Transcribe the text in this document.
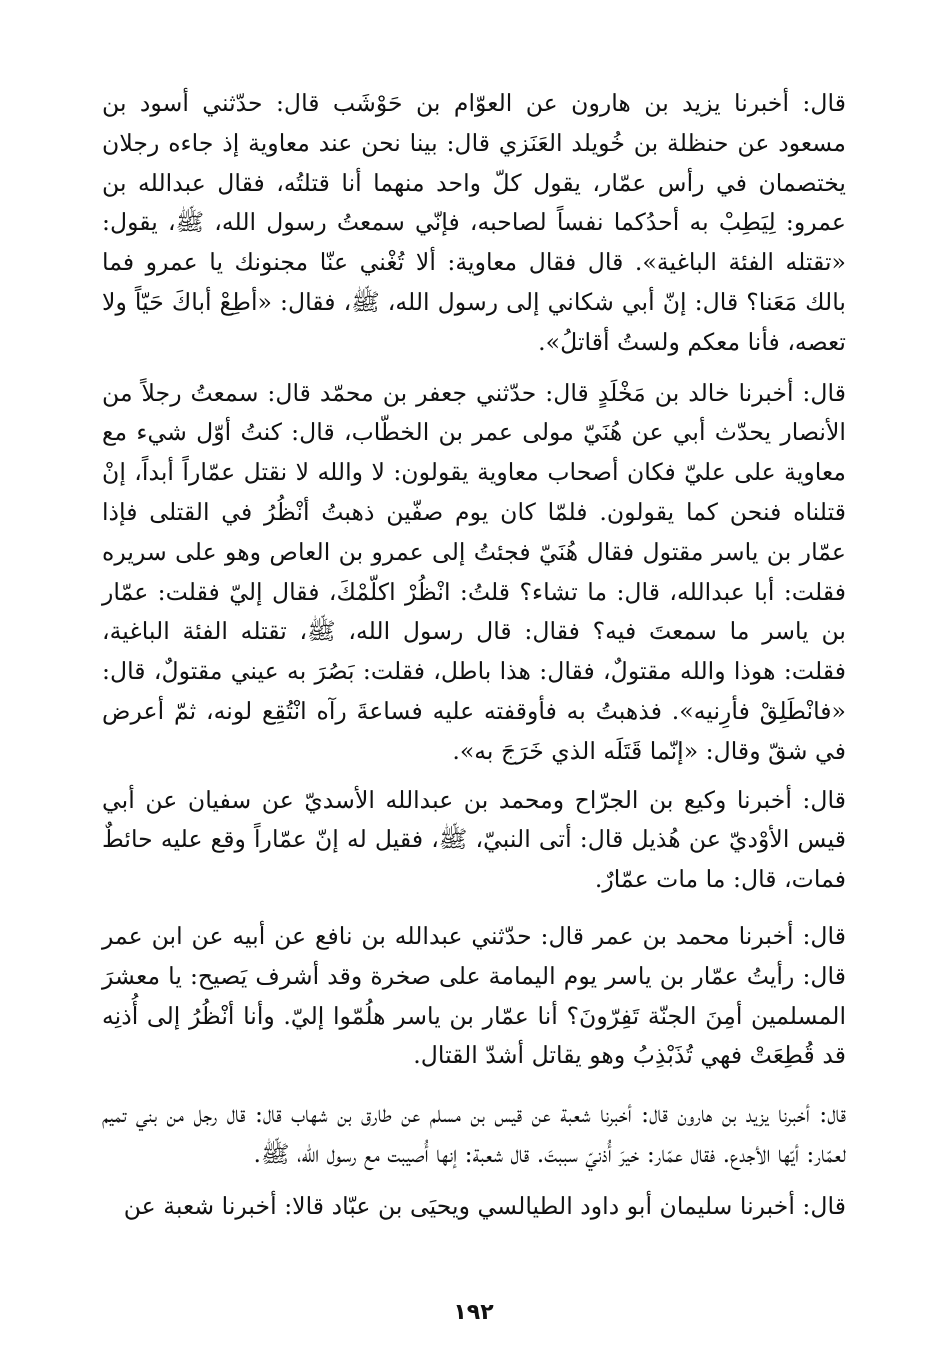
قال: أخبرنا يزيد بن هارون عن العوّام بن حَوْشَب قال: حدّثني أسود بن مسعود عن حنظلة بن خُويلد العَنَزي قال: بينا نحن عند معاوية إذ جاءه رجلان يختصمان في رأس عمّار، يقول كلّ واحد منهما أنا قتلتُه، فقال عبدالله بن عمرو: لِيَطِبْ به أحدُكما نفساً لصاحبه، فإنّي سمعتُ رسول الله، ﷺ، يقول: «تقتله الفئة الباغية». قال فقال معاوية: ألا تُغْني عنّا مجنونك يا عمرو فما بالك مَعَنا؟ قال: إنّ أبي شكاني إلى رسول الله، ﷺ، فقال: «أطِعْ أباكَ حَيّاً ولا تعصه، فأنا معكم ولستُ أقاتلُ».

قال: أخبرنا خالد بن مَخْلَدٍ قال: حدّثني جعفر بن محمّد قال: سمعتُ رجلاً من الأنصار يحدّث أبي عن هُنَيّ مولى عمر بن الخطّاب، قال: كنتُ أوّل شيء مع معاوية على عليّ فكان أصحاب معاوية يقولون: لا والله لا نقتل عمّاراً أبداً، إنْ قتلناه فنحن كما يقولون. فلمّا كان يوم صفّين ذهبتُ أنْظُرُ في القتلى فإذا عمّار بن ياسر مقتول فقال هُنَيّ فجئتُ إلى عمرو بن العاص وهو على سريره فقلت: أبا عبدالله، قال: ما تشاء؟ قلتُ: انْظُرْ اكلّمْكَ، فقال إليّ فقلت: عمّار بن ياسر ما سمعتَ فيه؟ فقال: قال رسول الله، ﷺ، تقتله الفئة الباغية، فقلت: هوذا والله مقتولٌ، فقال: هذا باطل، فقلت: بَصُرَ به عيني مقتولٌ، قال: «فانْطَلِقْ فأرِنيه». فذهبتُ به فأوقفته عليه فساعةَ رآه انْتُقِع لونه، ثمّ أعرض في شقّ وقال: «إنّما قَتَلَه الذي خَرَجَ به».

قال: أخبرنا وكيع بن الجرّاح ومحمد بن عبدالله الأسديّ عن سفيان عن أبي قيس الأوْديّ عن هُذيل قال: أتى النبيّ، ﷺ، فقيل له إنّ عمّاراً وقع عليه حائطٌ فمات، قال: ما مات عمّارٌ.

قال: أخبرنا محمد بن عمر قال: حدّثني عبدالله بن نافع عن أبيه عن ابن عمر قال: رأيتُ عمّار بن ياسر يوم اليمامة على صخرة وقد أشرف يَصيح: يا معشرَ المسلمين أمِنَ الجنّة تَفِرّونَ؟ أنا عمّار بن ياسر هلُمّوا إليّ. وأنا أنْظُرُ إلى أُذنِه قد قُطِعَتْ فهي تُذَبْذِبُ وهو يقاتل أشدّ القتال.

قال: أخبرنا يزيد بن هارون قال: أخبرنا شعبة عن قيس بن مسلم عن طارق بن شهاب قال: قال رجل من بني تميم لعمّار: أيّها الأجدع. فقال عمّار: خيرَ أُذنيّ سببتَ. قال شعبة: إنها أُصيبت مع رسول الله، ﷺ.

قال: أخبرنا سليمان أبو داود الطيالسي ويحيَى بن عبّاد قالا: أخبرنا شعبة عن

١٩٢
